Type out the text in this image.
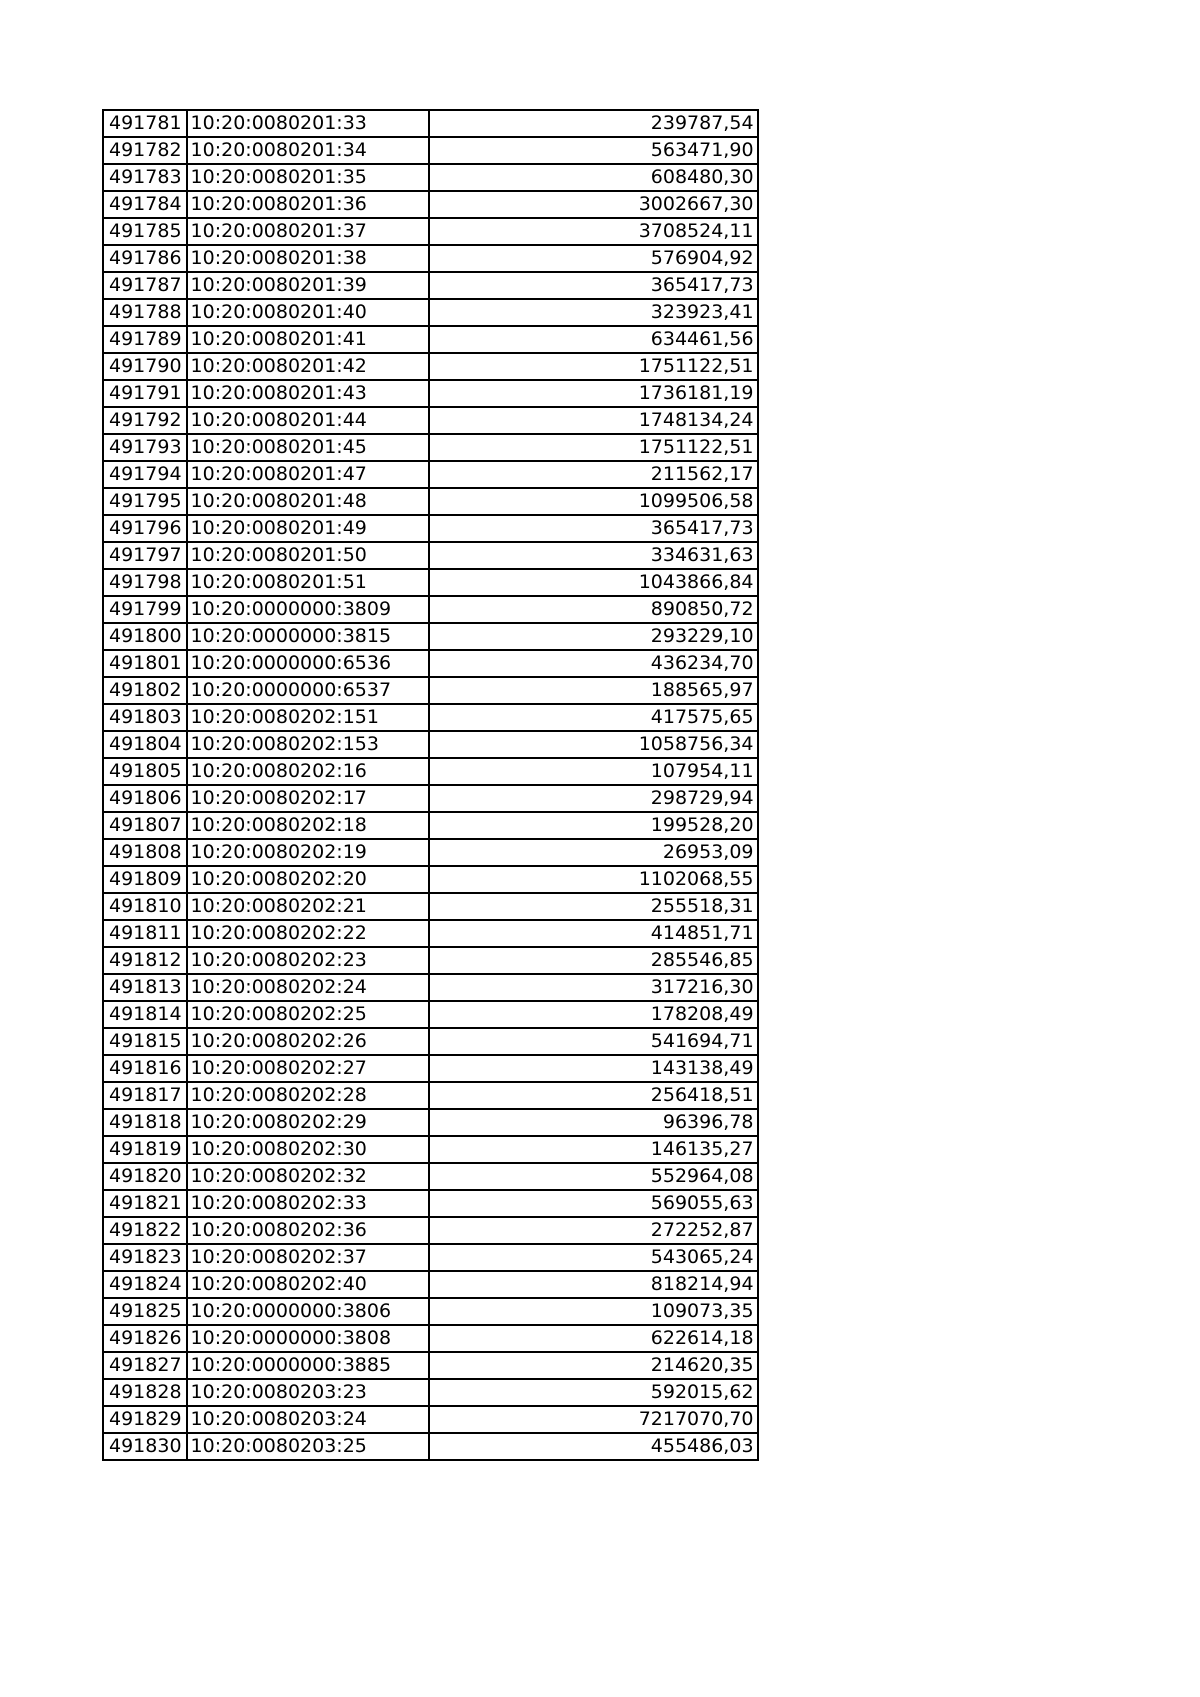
491781	10:20:0080201:33	239787,54
491782	10:20:0080201:34	563471,90
491783	10:20:0080201:35	608480,30
491784	10:20:0080201:36	3002667,30
491785	10:20:0080201:37	3708524,11
491786	10:20:0080201:38	576904,92
491787	10:20:0080201:39	365417,73
491788	10:20:0080201:40	323923,41
491789	10:20:0080201:41	634461,56
491790	10:20:0080201:42	1751122,51
491791	10:20:0080201:43	1736181,19
491792	10:20:0080201:44	1748134,24
491793	10:20:0080201:45	1751122,51
491794	10:20:0080201:47	211562,17
491795	10:20:0080201:48	1099506,58
491796	10:20:0080201:49	365417,73
491797	10:20:0080201:50	334631,63
491798	10:20:0080201:51	1043866,84
491799	10:20:0000000:3809	890850,72
491800	10:20:0000000:3815	293229,10
491801	10:20:0000000:6536	436234,70
491802	10:20:0000000:6537	188565,97
491803	10:20:0080202:151	417575,65
491804	10:20:0080202:153	1058756,34
491805	10:20:0080202:16	107954,11
491806	10:20:0080202:17	298729,94
491807	10:20:0080202:18	199528,20
491808	10:20:0080202:19	26953,09
491809	10:20:0080202:20	1102068,55
491810	10:20:0080202:21	255518,31
491811	10:20:0080202:22	414851,71
491812	10:20:0080202:23	285546,85
491813	10:20:0080202:24	317216,30
491814	10:20:0080202:25	178208,49
491815	10:20:0080202:26	541694,71
491816	10:20:0080202:27	143138,49
491817	10:20:0080202:28	256418,51
491818	10:20:0080202:29	96396,78
491819	10:20:0080202:30	146135,27
491820	10:20:0080202:32	552964,08
491821	10:20:0080202:33	569055,63
491822	10:20:0080202:36	272252,87
491823	10:20:0080202:37	543065,24
491824	10:20:0080202:40	818214,94
491825	10:20:0000000:3806	109073,35
491826	10:20:0000000:3808	622614,18
491827	10:20:0000000:3885	214620,35
491828	10:20:0080203:23	592015,62
491829	10:20:0080203:24	7217070,70
491830	10:20:0080203:25	455486,03
